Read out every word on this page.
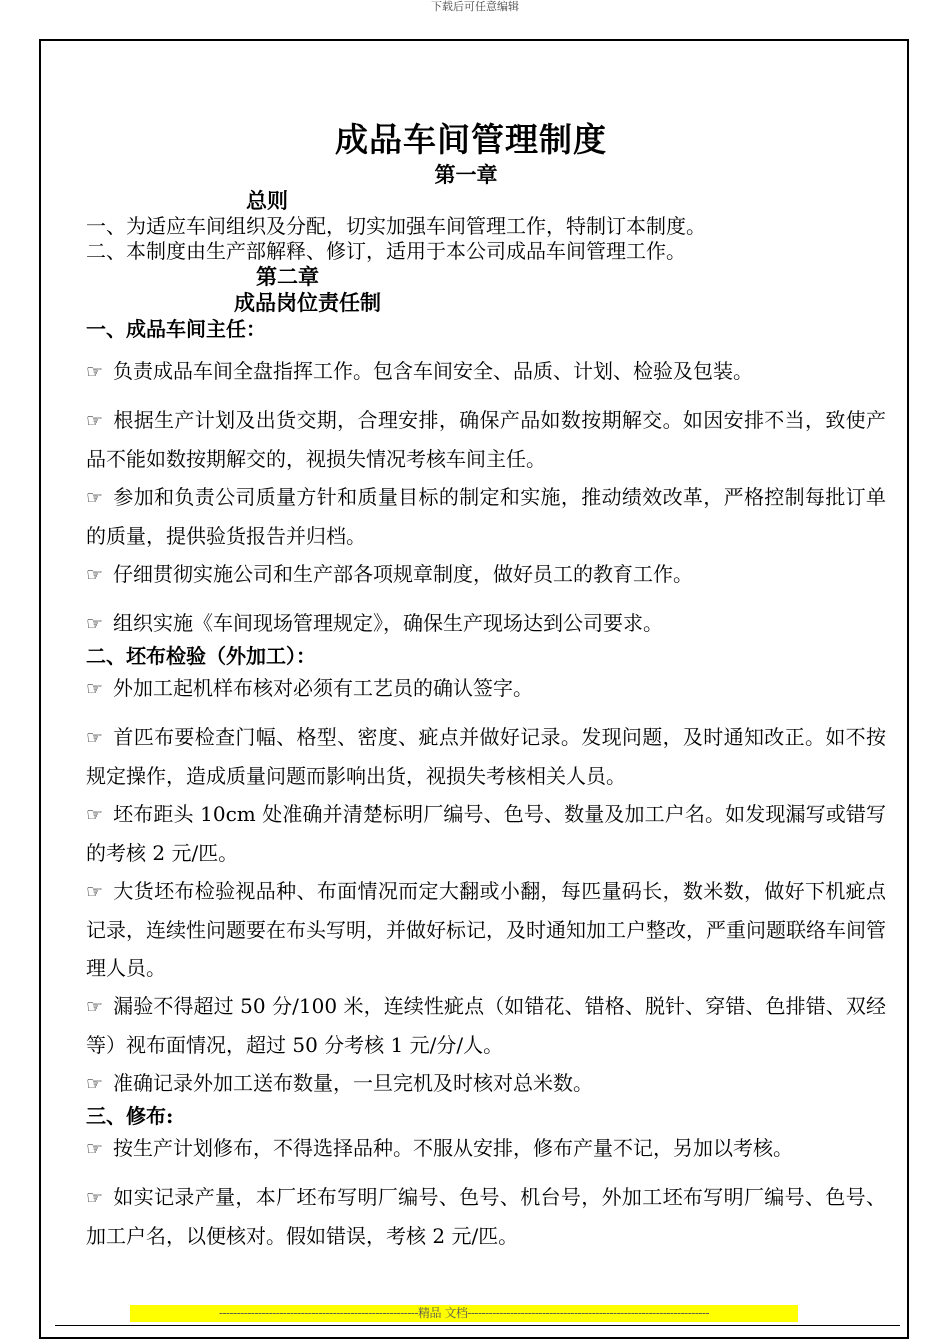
下载后可任意编辑
成品车间管理制度
第一章
总则
一、为适应车间组织及分配，切实加强车间管理工作，特制订本制度。
二、本制度由生产部解释、修订，适用于本公司成品车间管理工作。
第二章
成品岗位责任制
一、成品车间主任：
☞ 负责成品车间全盘指挥工作。包含车间安全、品质、计划、检验及包装。
☞ 根据生产计划及出货交期，合理安排，确保产品如数按期解交。如因安排不当，致使产品不能如数按期解交的，视损失情况考核车间主任。
☞ 参加和负责公司质量方针和质量目标的制定和实施，推动绩效改革，严格控制每批订单的质量，提供验货报告并归档。
☞ 仔细贯彻实施公司和生产部各项规章制度，做好员工的教育工作。
☞ 组织实施《车间现场管理规定》，确保生产现场达到公司要求。
二、坯布检验（外加工）：
☞ 外加工起机样布核对必须有工艺员的确认签字。
☞ 首匹布要检查门幅、格型、密度、疵点并做好记录。发现问题，及时通知改正。如不按规定操作，造成质量问题而影响出货，视损失考核相关人员。
☞ 坯布距头 10cm 处准确并清楚标明厂编号、色号、数量及加工户名。如发现漏写或错写的考核 2 元/匹。
☞ 大货坯布检验视品种、布面情况而定大翻或小翻，每匹量码长，数米数，做好下机疵点记录，连续性问题要在布头写明，并做好标记，及时通知加工户整改，严重问题联络车间管理人员。
☞ 漏验不得超过 50 分/100 米，连续性疵点（如错花、错格、脱针、穿错、色排错、双经等）视布面情况，超过 50 分考核 1 元/分/人。
☞ 准确记录外加工送布数量，一旦完机及时核对总米数。
三、修布:
☞ 按生产计划修布，不得选择品种。不服从安排，修布产量不记，另加以考核。
☞ 如实记录产量，本厂坯布写明厂编号、色号、机台号，外加工坯布写明厂编号、色号、加工户名，以便核对。假如错误，考核 2 元/匹。
--------------------------------------------------------精品 文档--------------------------------------------------------------------
